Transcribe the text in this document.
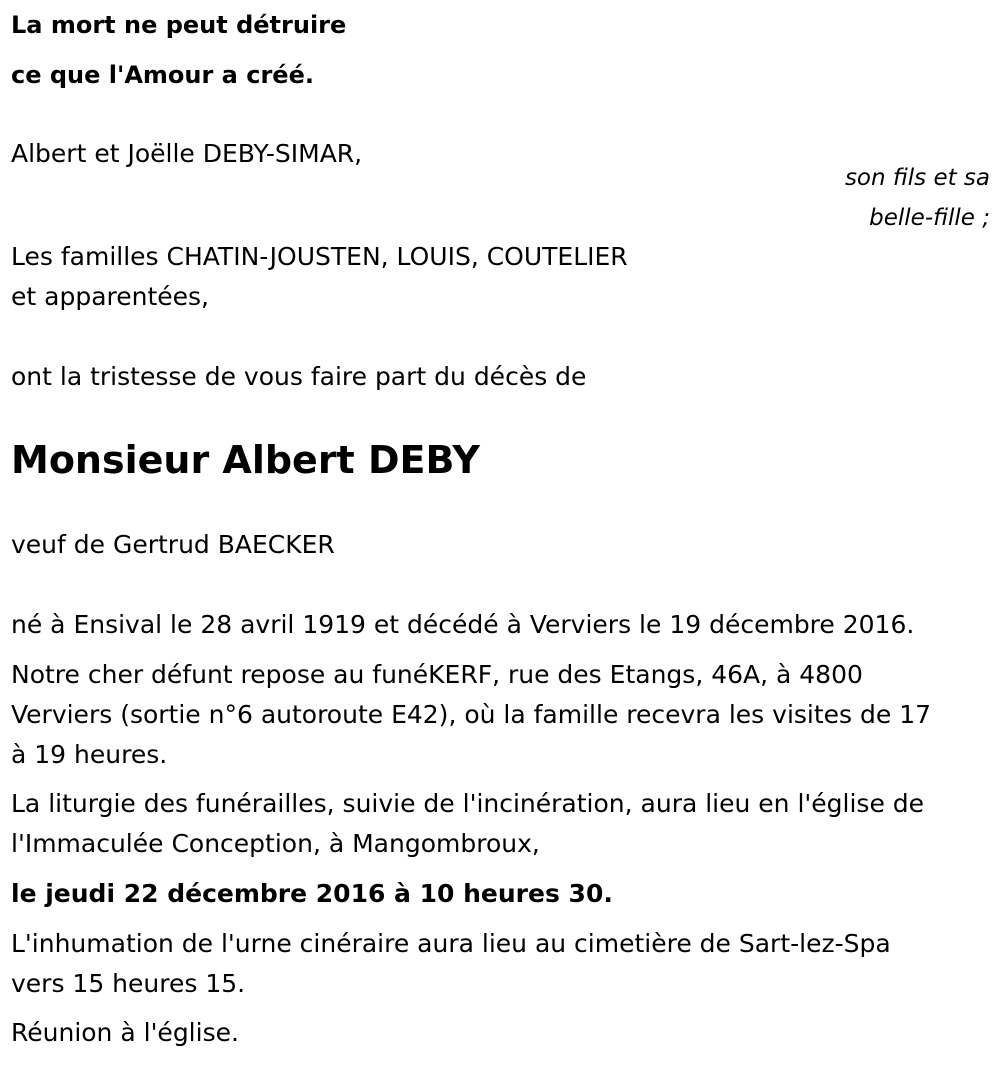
La mort ne peut détruire
ce que l'Amour a créé.
Albert et Joëlle DEBY-SIMAR,
son fils et sa
belle-fille ;
Les familles CHATIN-JOUSTEN, LOUIS, COUTELIER
et apparentées,
ont la tristesse de vous faire part du décès de
Monsieur Albert DEBY
veuf de Gertrud BAECKER
né à Ensival le 28 avril 1919 et décédé à Verviers le 19 décembre 2016.
Notre cher défunt repose au funéKERF, rue des Etangs, 46A, à 4800
Verviers (sortie n°6 autoroute E42), où la famille recevra les visites de 17
à 19 heures.
La liturgie des funérailles, suivie de l'incinération, aura lieu en l'église de
l'Immaculée Conception, à Mangombroux,
le jeudi 22 décembre 2016 à 10 heures 30.
L'inhumation de l'urne cinéraire aura lieu au cimetière de Sart-lez-Spa
vers 15 heures 15.
Réunion à l'église.
